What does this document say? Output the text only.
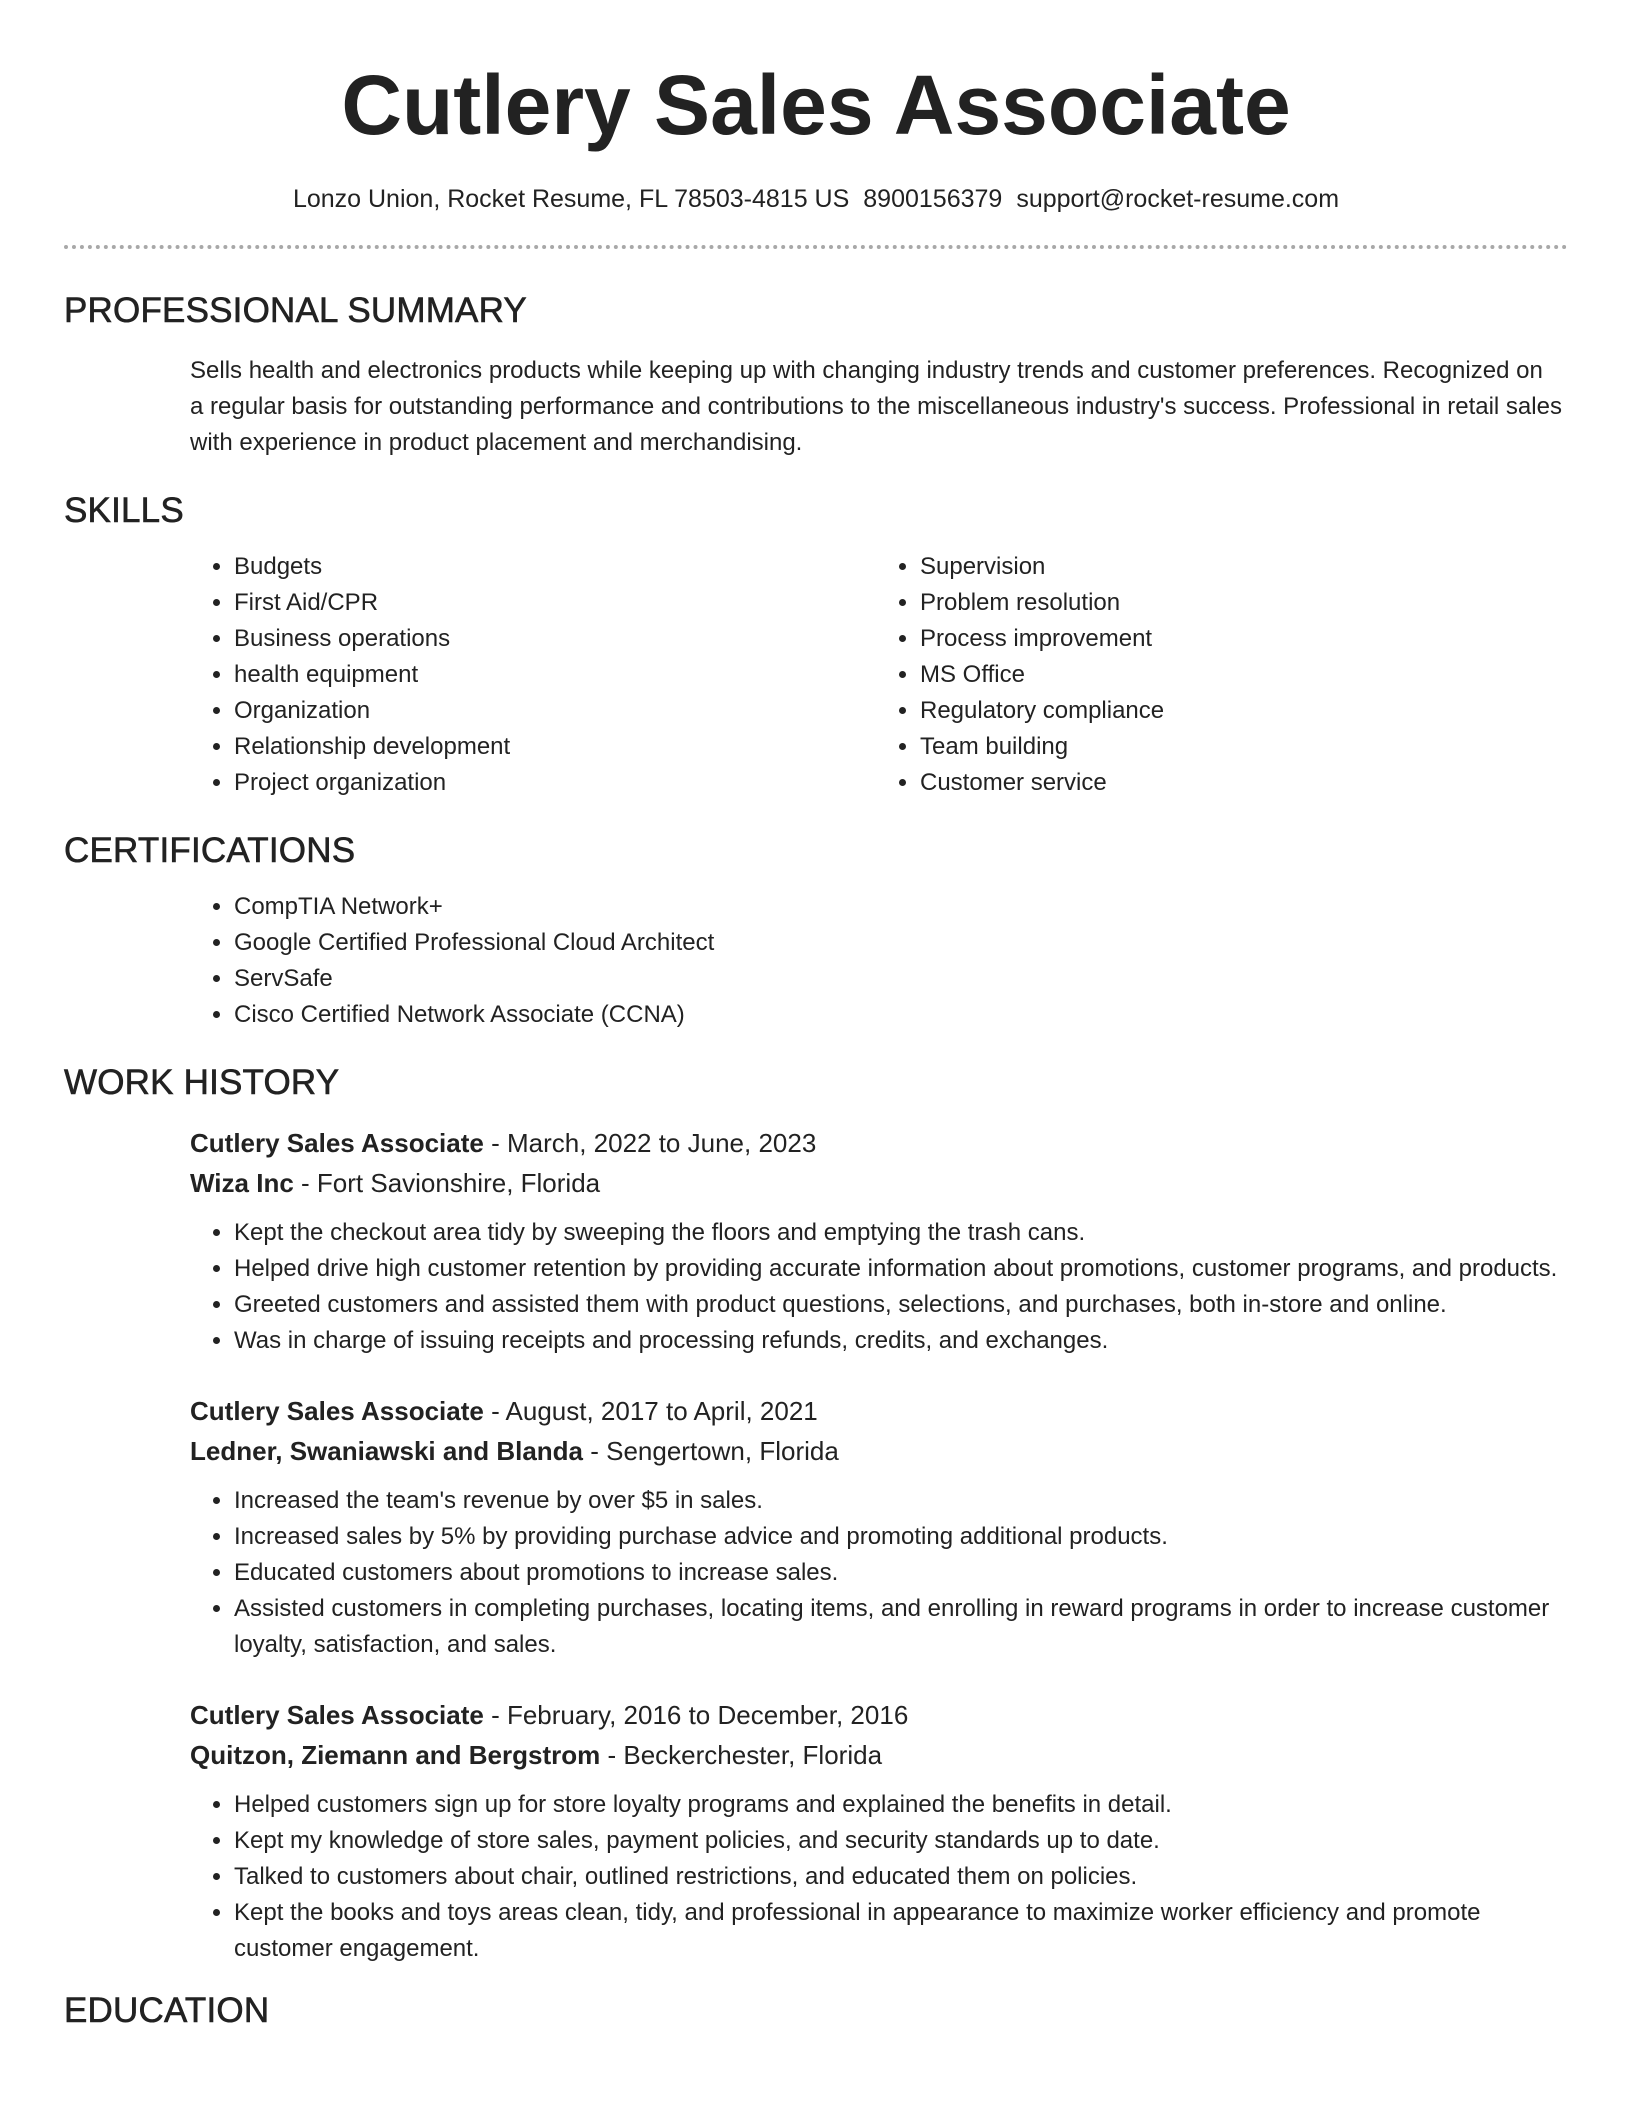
Cutlery Sales Associate
Lonzo Union, Rocket Resume, FL 78503-4815 US 8900156379 support@rocket-resume.com
PROFESSIONAL SUMMARY

Sells health and electronics products while keeping up with changing industry trends and customer preferences. Recognized on a regular basis for outstanding performance and contributions to the miscellaneous industry's success. Professional in retail sales with experience in product placement and merchandising.

SKILLS
• Budgets
• First Aid/CPR
• Business operations
• health equipment
• Organization
• Relationship development
• Project organization
• Supervision
• Problem resolution
• Process improvement
• MS Office
• Regulatory compliance
• Team building
• Customer service
CERTIFICATIONS
• CompTIA Network+
• Google Certified Professional Cloud Architect
• ServSafe
• Cisco Certified Network Associate (CCNA)
WORK HISTORY
Cutlery Sales Associate - March, 2022 to June, 2023
Wiza Inc - Fort Savionshire, Florida
• Kept the checkout area tidy by sweeping the floors and emptying the trash cans.
• Helped drive high customer retention by providing accurate information about promotions, customer programs, and products.
• Greeted customers and assisted them with product questions, selections, and purchases, both in-store and online.
• Was in charge of issuing receipts and processing refunds, credits, and exchanges.
Cutlery Sales Associate - August, 2017 to April, 2021
Ledner, Swaniawski and Blanda - Sengertown, Florida
• Increased the team's revenue by over $5 in sales.
• Increased sales by 5% by providing purchase advice and promoting additional products.
• Educated customers about promotions to increase sales.
• Assisted customers in completing purchases, locating items, and enrolling in reward programs in order to increase customer loyalty, satisfaction, and sales.
Cutlery Sales Associate - February, 2016 to December, 2016
Quitzon, Ziemann and Bergstrom - Beckerchester, Florida
• Helped customers sign up for store loyalty programs and explained the benefits in detail.
• Kept my knowledge of store sales, payment policies, and security standards up to date.
• Talked to customers about chair, outlined restrictions, and educated them on policies.
• Kept the books and toys areas clean, tidy, and professional in appearance to maximize worker efficiency and promote customer engagement.
EDUCATION
